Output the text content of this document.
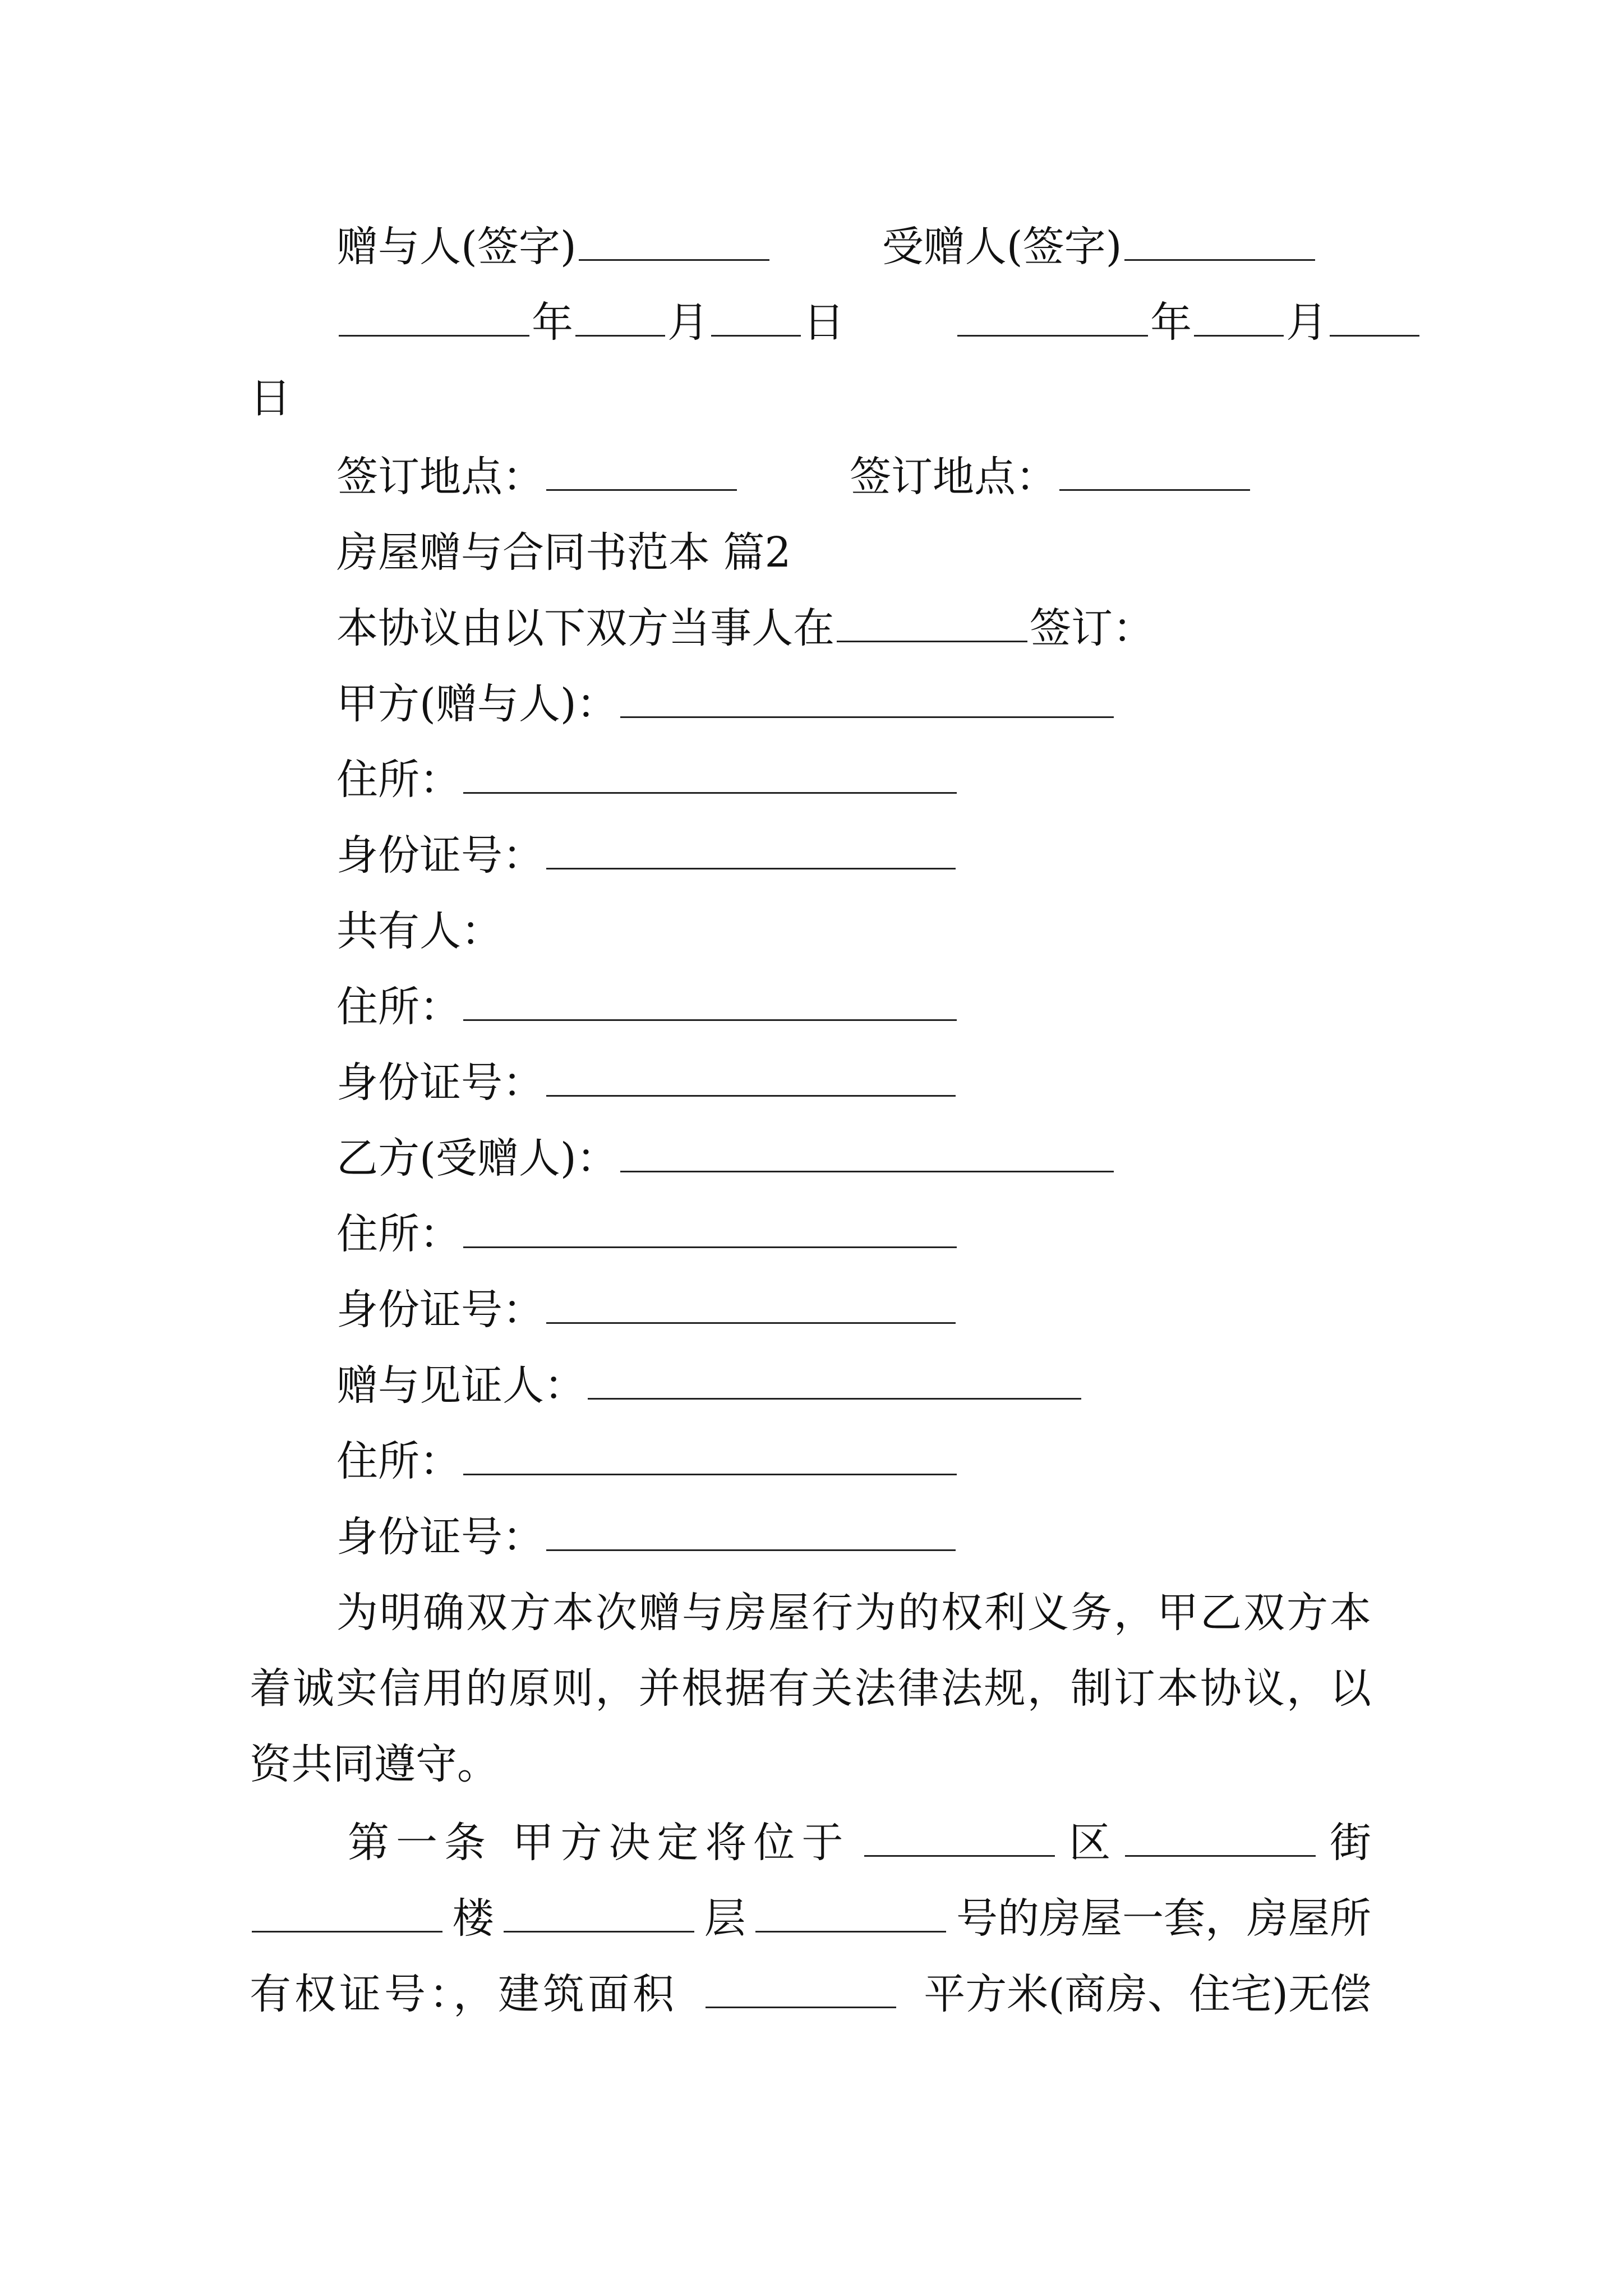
赠与人(签字)	受赠人(签字)
年 月 日	年 月
日
签订地点：	签订地点：
房屋赠与合同书范本 篇2
本协议由以下双方当事人在	签订：
甲方(赠与人)：
住所：
身份证号：
共有人：
住所：
身份证号：
乙方(受赠人)：
住所：
身份证号：
赠与见证人：
住所：
身份证号：
为明确双方本次赠与房屋行为的权利义务，甲乙双方本
着诚实信用的原则，并根据有关法律法规，制订本协议，以
资共同遵守。
第一条 甲方决定将位于	区	街
楼	层	号的房屋一套，房屋所
有权证号：，建筑面积	平方米(商房、住宅)无偿
